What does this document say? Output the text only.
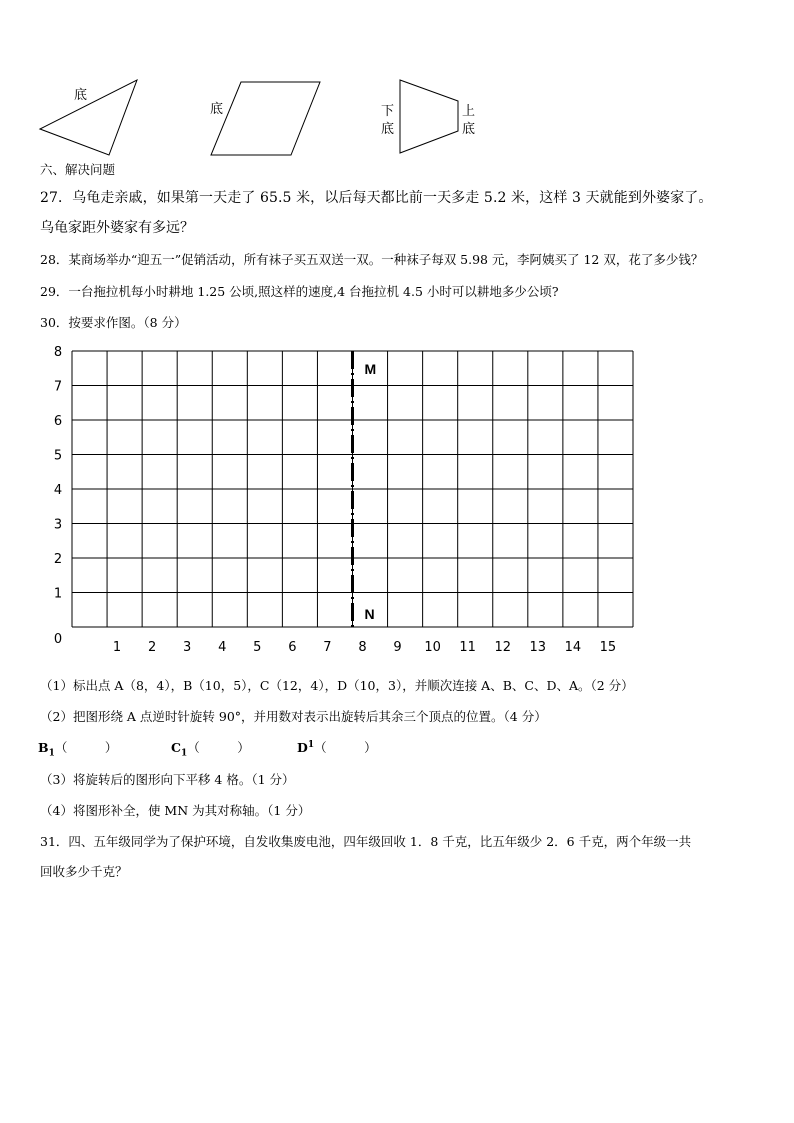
底
底	下
底
上
底
六、解决问题
27．乌龟走亲戚，如果第一天走了 65.5 米，以后每天都比前一天多走 5.2 米，这样 3 天就能到外婆家了。
乌龟家距外婆家有多远？
28．某商场举办“迎五一”促销活动，所有袜子买五双送一双。一种袜子每双 5.98 元，李阿姨买了 12 双，花了多少钱？
29．一台拖拉机每小时耕地 1.25 公顷,照这样的速度,4 台拖拉机 4.5 小时可以耕地多少公顷?
30．按要求作图。（8 分）
1 2 3 4 5 6 7 8 9 10 11 12 13 14 15
1
2
3
4
5
6
7
8
0
M
N
（1）标出点 A（8，4），B（10，5），C（12，4），D（10，3），并顺次连接 A、B、C、D、A。（2 分）
（2）把图形绕 A 点逆时针旋转 90°，并用数对表示出旋转后其余三个顶点的位置。（4 分）
$B_1$（　　　）	$C_1$（　　　）	$D^1$（　　　）
（3）将旋转后的图形向下平移 4 格。（1 分）
（4）将图形补全，使 MN 为其对称轴。（1 分）
31．四、五年级同学为了保护环境，自发收集废电池，四年级回收 1．8 千克，比五年级少 2．6 千克，两个年级一共
回收多少千克？
